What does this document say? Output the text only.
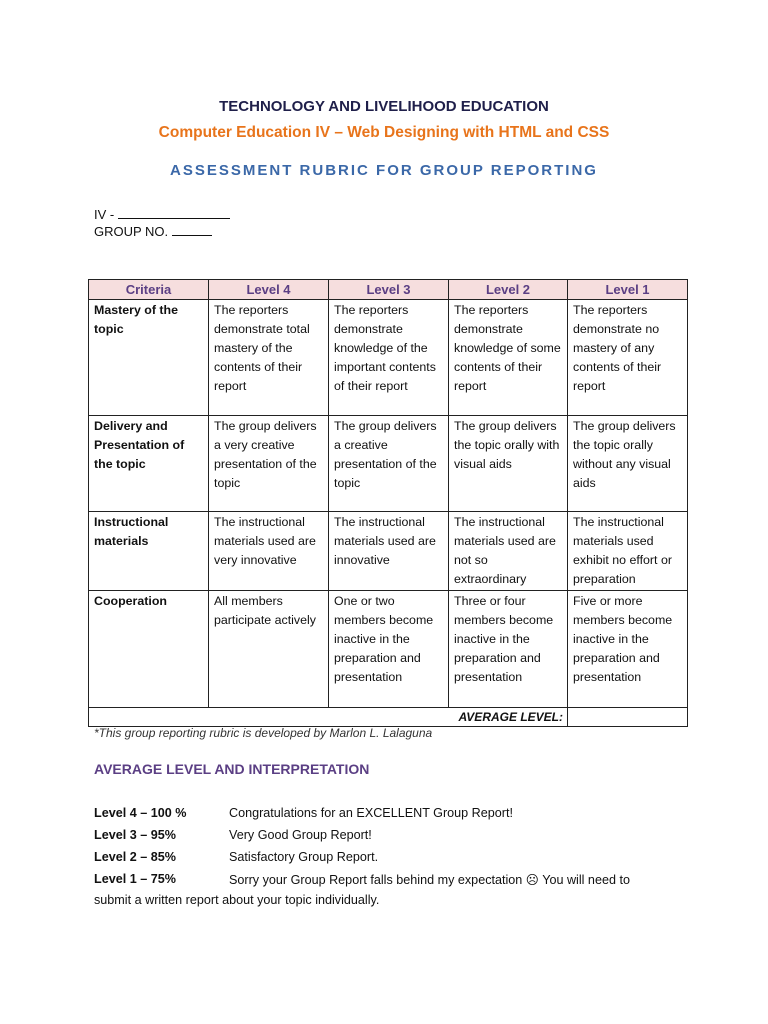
TECHNOLOGY AND LIVELIHOOD EDUCATION
Computer Education IV – Web Designing with HTML and CSS
ASSESSMENT RUBRIC FOR GROUP REPORTING
IV -
GROUP NO.
Criteria	Level 4	Level 3	Level 2	Level 1
Mastery of the topic	The reporters demonstrate total mastery of the contents of their report	The reporters demonstrate knowledge of the important contents of their report	The reporters demonstrate knowledge of some contents of their report	The reporters demonstrate no mastery of any contents of their report
Delivery and Presentation of the topic	The group delivers a very creative presentation of the topic	The group delivers a creative presentation of the topic	The group delivers the topic orally with visual aids	The group delivers the topic orally without any visual aids
Instructional materials	The instructional materials used are very innovative	The instructional materials used are innovative	The instructional materials used are not so extraordinary	The instructional materials used exhibit no effort or preparation
Cooperation	All members participate actively	One or two members become inactive in the preparation and presentation	Three or four members become inactive in the preparation and presentation	Five or more members become inactive in the preparation and presentation
			AVERAGE LEVEL:	
*This group reporting rubric is developed by Marlon L. Lalaguna
AVERAGE LEVEL AND INTERPRETATION
Level 4 – 100 %	Congratulations for an EXCELLENT Group Report!
Level 3 – 95%	Very Good Group Report!
Level 2 – 85%	Satisfactory Group Report.
Level 1 – 75%	Sorry your Group Report falls behind my expectation ☹ You will need to
submit a written report about your topic individually.
